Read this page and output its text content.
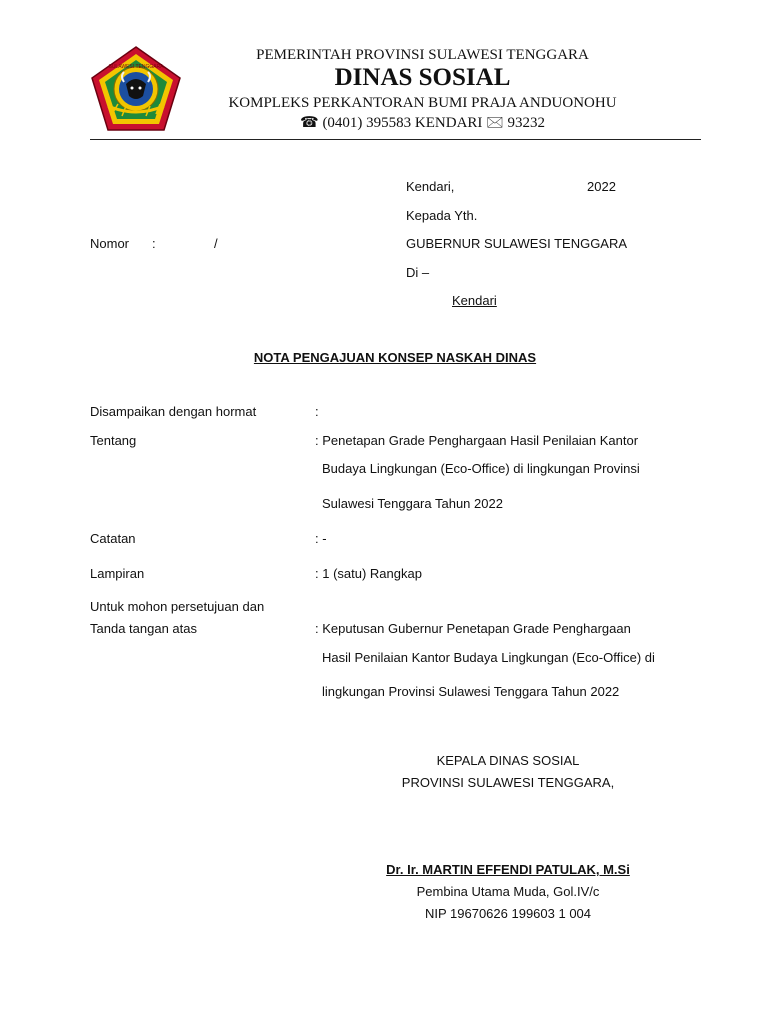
SULAWESI TENGGARA
PEMERINTAH PROVINSI SULAWESI TENGGARA
DINAS SOSIAL
KOMPLEKS PERKANTORAN BUMI PRAJA ANDUONOHU
☎ (0401) 395583 KENDARI 🖂 93232
Kendari,	2022
Kepada Yth.
GUBERNUR SULAWESI TENGGARA
Di –
Kendari
Nomor :	/
NOTA PENGAJUAN KONSEP NASKAH DINAS
Disampaikan dengan hormat	:
Tentang	: Penetapan Grade Penghargaan Hasil Penilaian Kantor
Budaya Lingkungan (Eco-Office) di lingkungan Provinsi
Sulawesi Tenggara Tahun 2022
Catatan	: -
Lampiran	: 1 (satu) Rangkap
Untuk mohon persetujuan dan
Tanda tangan atas	: Keputusan Gubernur Penetapan Grade Penghargaan
Hasil Penilaian Kantor Budaya Lingkungan (Eco-Office) di
lingkungan Provinsi Sulawesi Tenggara Tahun 2022
KEPALA DINAS SOSIAL
PROVINSI SULAWESI TENGGARA,
Dr. Ir. MARTIN EFFENDI PATULAK, M.Si
Pembina Utama Muda, Gol.IV/c
NIP 19670626 199603 1 004
